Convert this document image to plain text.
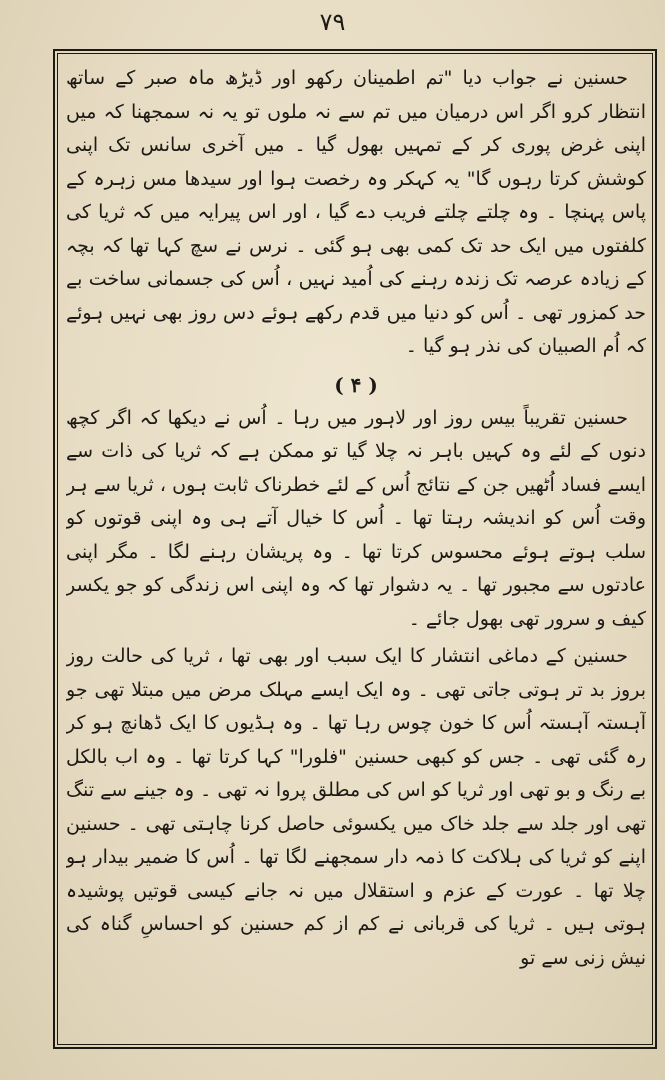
۷۹

حسنین نے جواب دیا "تم اطمینان رکھو اور ڈیڑھ ماہ صبر کے ساتھ انتظار کرو اگر اس درمیان میں تم سے نہ ملوں تو یہ نہ سمجھنا کہ میں اپنی غرض پوری کر کے تمہیں بھول گیا ۔ میں آخری سانس تک اپنی کوشش کرتا رہوں گا" یہ کہکر وہ رخصت ہوا اور سیدھا مس زہرہ کے پاس پہنچا ۔ وہ چلتے چلتے فریب دے گیا ، اور اس پیرایہ میں کہ ثریا کی کلفتوں میں ایک حد تک کمی بھی ہو گئی ۔ نرس نے سچ کہا تھا کہ بچہ کے زیادہ عرصہ تک زندہ رہنے کی اُمید نہیں ، اُس کی جسمانی ساخت بے حد کمزور تھی ۔ اُس کو دنیا میں قدم رکھے ہوئے دس روز بھی نہیں ہوئے کہ اُم الصبیان کی نذر ہو گیا ۔

( ۴ )

حسنین تقریباً بیس روز اور لاہور میں رہا ۔ اُس نے دیکھا کہ اگر کچھ دنوں کے لئے وہ کہیں باہر نہ چلا گیا تو ممکن ہے کہ ثریا کی ذات سے ایسے فساد اُٹھیں جن کے نتائج اُس کے لئے خطرناک ثابت ہوں ، ثریا سے ہر وقت اُس کو اندیشہ رہتا تھا ۔ اُس کا خیال آتے ہی وہ اپنی قوتوں کو سلب ہوتے ہوئے محسوس کرتا تھا ۔ وہ پریشان رہنے لگا ۔ مگر اپنی عادتوں سے مجبور تھا ۔ یہ دشوار تھا کہ وہ اپنی اس زندگی کو جو یکسر کیف و سرور تھی بھول جائے ۔

حسنین کے دماغی انتشار کا ایک سبب اور بھی تھا ، ثریا کی حالت روز بروز بد تر ہوتی جاتی تھی ۔ وہ ایک ایسے مہلک مرض میں مبتلا تھی جو آہستہ آہستہ اُس کا خون چوس رہا تھا ۔ وہ ہڈیوں کا ایک ڈھانچ ہو کر رہ گئی تھی ۔ جس کو کبھی حسنین "فلورا" کہا کرتا تھا ۔ وہ اب بالکل بے رنگ و بو تھی اور ثریا کو اس کی مطلق پروا نہ تھی ۔ وہ جینے سے تنگ تھی اور جلد سے جلد خاک میں یکسوئی حاصل کرنا چاہتی تھی ۔ حسنین اپنے کو ثریا کی ہلاکت کا ذمہ دار سمجھنے لگا تھا ۔ اُس کا ضمیر بیدار ہو چلا تھا ۔ عورت کے عزم و استقلال میں نہ جانے کیسی قوتیں پوشیدہ ہوتی ہیں ۔ ثریا کی قربانی نے کم از کم حسنین کو احساسِ گناہ کی نیش زنی سے تو
